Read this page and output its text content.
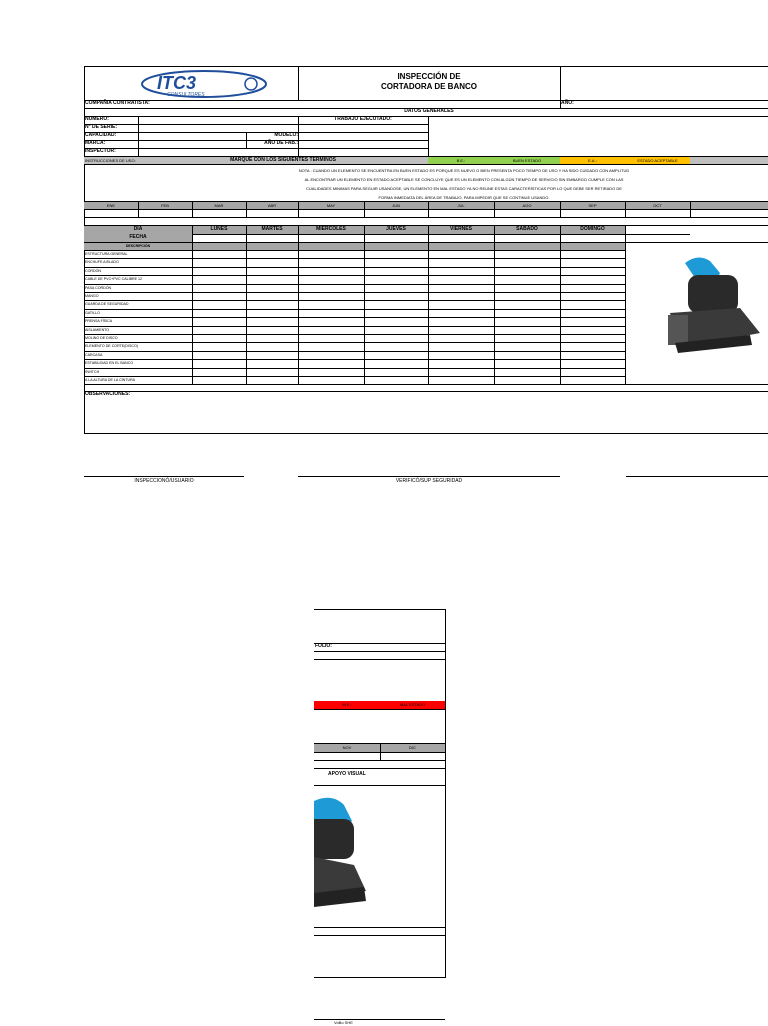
ITC3
CONSULTORES
INSPECCIÓN DE
CORTADORA DE BANCO
COMPAÑIA CONTRATISTA:	AÑO:
DATOS GENERALES
NUMERO:	TRABAJO EJECUTADO:
N° DE SERIE:
CAPACIDAD:	MODELO:
MARCA:	AÑO DE FAB.:
INSPECTOR:
INSTRUCCIONES DE USO:	MARQUE CON LOS SIGUIENTES TERMINOS	B.E.:	BUEN ESTADO	E.A.:	ESTADO ACEPTABLE
NOTA : CUANDO UN ELEMENTO SE ENCUENTRA EN BUEN ESTADO ES PORQUE ES NUEVO O BIEN PRESENTA POCO TIEMPO DE USO Y HA SIDO CUIDADO CON AMPLITUD
AL ENCONTRAR UN ELEMENTO EN ESTADO ACEPTABLE SE CONCLUYE QUE ES UN ELEMENTO CON ALGÚN TIEMPO DE SERVICIO SIN EMBARGO CUMPLE CON LAS
CUALIDADES MINIMAS PARA SEGUIR USANDOSE, UN ELEMENTO EN MAL ESTADO YA NO REUNE ESTAS CARACTERÍSTICAS POR LO QUE DEBE SER RETIRADO DE
FORMA INMEDIATA DEL ÁREA DE TRABAJO, PARA IMPEDIR QUE SE CONTINUE USANDO.
ENE	FEB	MAR	ABR	MAY	JUN	JUL	AGO	SEP	OCT
DÍA
FECHA
LUNES	MARTES	MIÉRCOLES	JUEVES	VIERNES	SÁBADO	DOMINGO
DESCRIPCIÓN
ESTRUCTURA GENERAL
ENCHUFE AISLADO
CORDÓN
CABLE DE PVC+PVC CALIBRE 12
PASA CORDÓN
MANGO
GUARDA DE SEGURIDAD
GATILLO
PRENSA FÍSICA
AISLAMIENTO
MOLINO DE DISCO
ELEMENTO DE CORTE(DISCO)
CARCASA
ESTABILIDAD EN EL BANCO
SWITCH
A LA ALTURA DE LA CINTURA
OBSERVACIONES:
INSPECCIONÓ/USUARIO	VERIFICÓ/SUP SEGURIDAD
FOLIO:
M.E.:	MAL ESTADO
NOV	DIC
APOYO VISUAL
VoBo SHE
